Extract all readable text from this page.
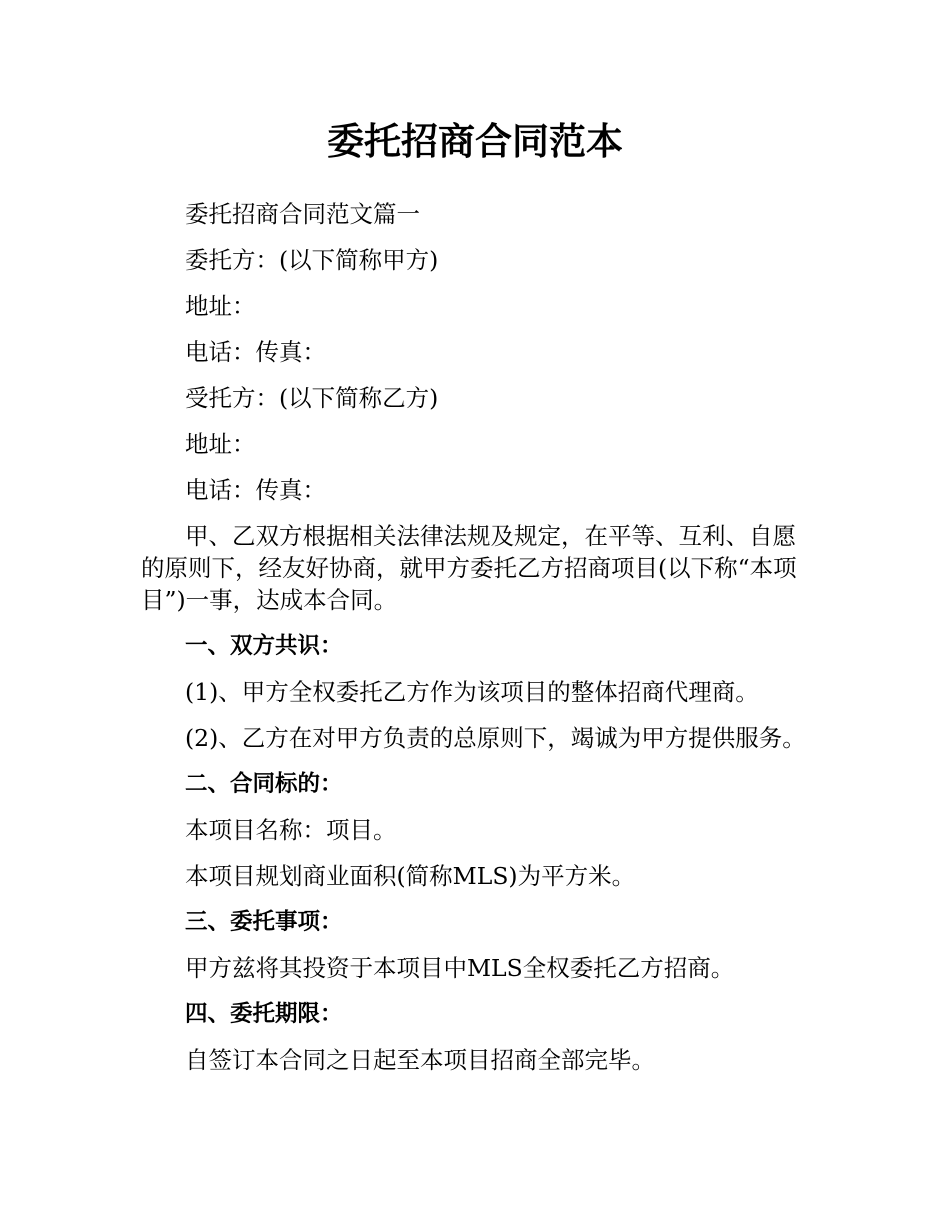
委托招商合同范本

委托招商合同范文篇一

委托方：(以下简称甲方)

地址：

电话：传真：

受托方：(以下简称乙方)

地址：

电话：传真：

甲、乙双方根据相关法律法规及规定，在平等、互利、自愿的原则下，经友好协商，就甲方委托乙方招商项目(以下称“本项目”)一事，达成本合同。

一、双方共识：

(1)、甲方全权委托乙方作为该项目的整体招商代理商。

(2)、乙方在对甲方负责的总原则下，竭诚为甲方提供服务。

二、合同标的：

本项目名称：项目。

本项目规划商业面积(简称MLS)为平方米。

三、委托事项：

甲方兹将其投资于本项目中MLS全权委托乙方招商。

四、委托期限：

自签订本合同之日起至本项目招商全部完毕。
